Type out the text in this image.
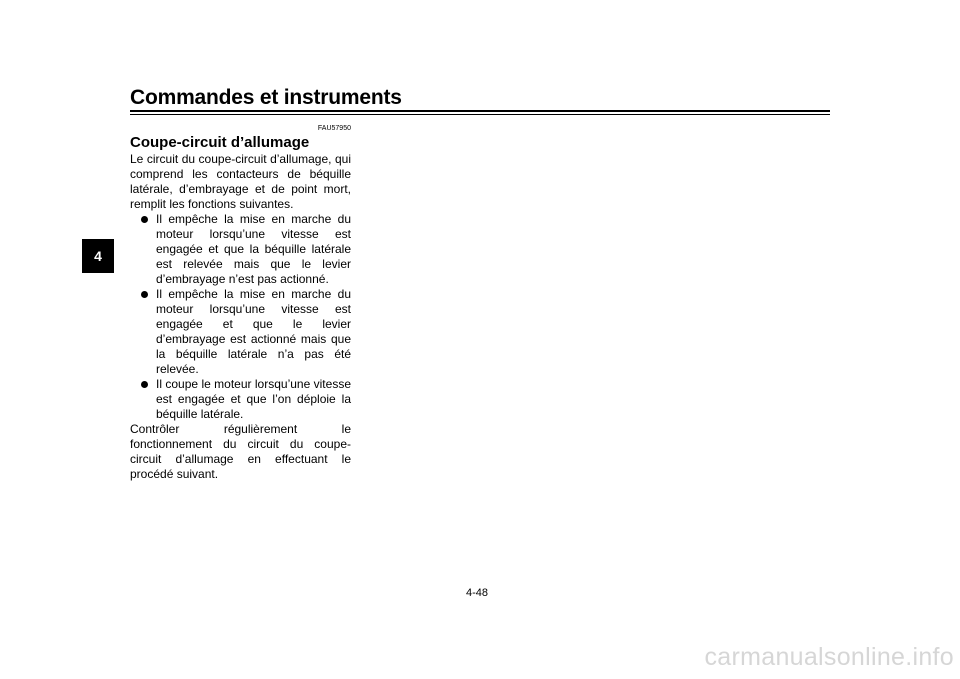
Commandes et instruments
4
FAU57950
Coupe-circuit d’allumage

Le circuit du coupe-circuit d’allumage, qui comprend les contacteurs de béquille latérale, d’embrayage et de point mort, remplit les fonctions suivantes.

Il empêche la mise en marche du moteur lorsqu’une vitesse est engagée et que la béquille latérale est relevée mais que le levier d’embrayage n’est pas actionné.
Il empêche la mise en marche du moteur lorsqu’une vitesse est engagée et que le levier d’embrayage est actionné mais que la béquille latérale n’a pas été relevée.
Il coupe le moteur lorsqu’une vitesse est engagée et que l’on déploie la béquille latérale.

Contrôler régulièrement le fonctionnement du circuit du coupe-circuit d’allumage en effectuant le procédé suivant.

4-48
carmanualsonline.info
